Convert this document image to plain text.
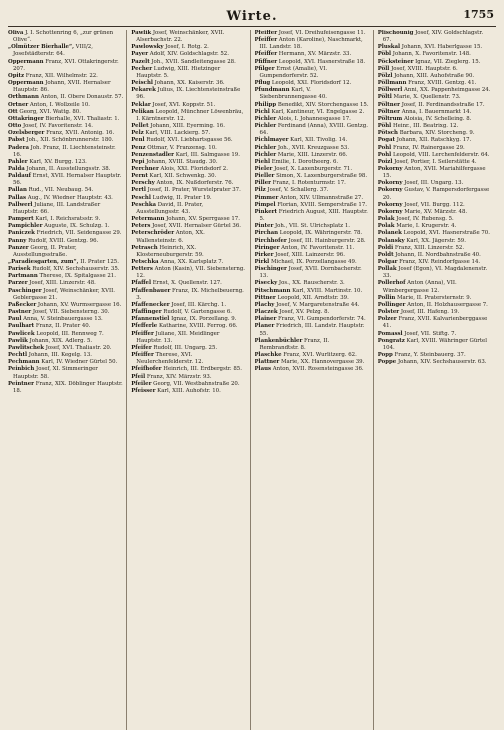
Wirte.	1755

Oliva J. I. Schottenring 6, „zur grünen Olive“.

„Olmützer Bierhalle“, VIII/2, Josefstädterstr. 64.

Oppermann Franz, XVI. Ottakringerstr. 207.

Opitz Franz, XII. Wilhelmstr. 22.

Oppermann Johann, XVII. Hernalser Hauptstr. 86.

Orthmann Anton, II. Obere Donaustr. 57.

Ortner Anton, I. Wollzeile 10.

Ott Georg, XVI. Wattg. 80.

Ottakringer Bierhalle, XVI. Thaliastr. 1.

Otto Josef, IV. Favoritenstr. 14.

Ozelsberger Franz, XVII. Antonig. 16.

Pabst Joh., XII. Schönbrunnerstr. 180.

Padera Joh. Franz, II. Liechtensteinstr. 16.

Pahler Karl, XV. Burgg. 123.

Palda Johann, II. Ausstellungsstr. 38.

Paldauf Ernst, XVII. Hernalser Hauptstr. 56.

Pallan Rud., VII. Neubaug. 54.

Pallas Aug., IV. Wiedner Hauptstr. 43.

Pallwerl Juliane, III. Landstraßer Hauptstr. 66.

Pampert Karl, I. Reichsratsstr. 9.

Pampichler Auguste, IX. Schulzg. 1.

Paniczek Friedrich, VII. Seidengasse 29.

Panny Rudolf, XVIII. Gentzg. 96.

Panzer Georg, II. Prater, Ausstellungsstraße.

„Paradiesgarten, zum“, II. Prater 125.

Parisek Rudolf, XIV. Sechshauserstr. 35.

Partmann Therese, IX. Spitalgasse 21.

Parzer Josef, XIII. Linzerstr. 48.

Paschinger Josef, Weinschänker, XVII. Geblergasse 21.

Paßecker Johann, XV. Wurmsergasse 16.

Pastner Josef, VII. Siebensterng. 30.

Paul Anna, V. Steinbauergasse 13.

Paulhart Franz, II. Prater 40.

Pawlicek Leopold, III. Rennweg 7.

Pawlik Johann, XIX. Adlerg. 5.

Pawlitschek Josef, XVI. Thaliastr. 20.

Pechtl Johann, III. Kegelg. 13.

Pechmann Karl, IV. Wiedner Gürtel 50.

Peinbich Josef, XI. Simmeringer Hauptstr. 58.

Peintner Franz, XIX. Döblinger Hauptstr. 18.

Pawlik Josef, Weinschänker, XVII. Alserbachstr. 22.

Pawlowsky Josef, I. Rotg. 2.

Payer Adolf, XIV. Goldschlagstr. 52.

Pazelt Joh., XVII. Sandleitengasse 28.

Pecher Ludwig, XIII. Hietzinger Hauptstr. 5.

Peischl Johann, XX. Kaiserstr. 36.

Pekarek Julius, IX. Liechtensteinstraße 96.

Peklar Josef, XVI. Koppstr. 51.

Pelikan Leopold, Münchner Löwenbräu, I. Kärntnerstr. 12.

Pellet Johann, XIII. Eyerming. 16.

Pelz Karl, VIII. Lackierg. 57.

Penl Rudolf, XVI. Liebhartsgasse 56.

Penz Ottmar, V. Franzensg. 10.

Penzenstadler Karl, III. Salmgasse 19.

Pepi Johann, XVIII. Staudg. 30.

Perchner Alois, XXI. Floridsdorf 2.

Pernt Karl, XII. Schwenkg. 30.

Perschy Anton, IX. Nußdorferstr. 76.

Pertl Josef, II. Prater, Wurstelprater 37.

Peschl Ludwig, II. Prater 19.

Peschka David, II. Prater, Ausstellungsstr. 43.

Petermann Johann, XV. Sperrgasse 17.

Peters Josef, XVII. Hernalser Gürtel 36.

Peterschröder Anton, XX. Wallensteinstr. 6.

Petrasch Heinrich, XX. Klosterneuburgerstr. 59.

Petschka Anna, XX. Karlsplatz 7.

Petters Anton (Kasin), VII. Siebensterng. 12.

Pfaffel Ernst, X. Quellenstr. 127.

Pfaffenbauer Franz, IX. Michelbeuerng. 3.

Pfaffenecker Josef, III. Kärchg. 1.

Pfaffinger Rudolf, V. Gartengasse 6.

Pfannenstiel Ignaz, IX. Porzellang. 9.

Pfefferle Katharine, XVIII. Ferrog. 66.

Pfeiffer Juliane, XII. Meidlinger Hauptstr. 13.

Pfeifer Rudolf, III. Ungarg. 25.

Pfeiffer Therese, XVI. Neulerchenfelderstr. 12.

Pfeifhofer Heinrich, III. Erdbergstr. 85.

Pfeil Franz, XIV. Märzstr. 93.

Pfeiler Georg, VII. Westbahnstraße 20.

Pfeisser Karl, XIII. Auhofstr. 10.

Pfeiffer Josef, VI. Dreihufeisengasse 11.

Pfeiffer Anton (Karoline), Naschmarkt, III. Landstr. 18.

Pfeiffer Hermann, XV. Märzstr. 33.

Pfiffner Leopold, XVI. Hasnerstraße 18.

Pfilger Ernst (Amalie), VI. Gumpendorferstr. 52.

Pflug Leopold, XXI. Floridsdorf 12.

Pfundmann Karl, V. Siebenbrunnengasse 40.

Philipp Benedikt, XIV. Storchengasse 15.

Pichl Karl, Kantineur, VI. Engelgasse 2.

Pichler Alois, I. Johannesgasse 17.

Pichler Ferdinand (Anna), XVIII. Gentzg. 64.

Pichlmayer Karl, XII. Tivolig. 14.

Pichler Joh., XVII. Kreuzgasse 53.

Pichler Marie, XIII. Linzerstr. 66.

Piehl Emilie, I. Dorotheerg. 6.

Pieler Josef, X. Laxenburgerstr. 71.

Pieller Simon, X. Laxenburgerstraße 98.

Piller Franz, I. Rotenturmstr. 17.

Pilz Josef, V. Schallerg. 37.

Pimmer Anton, XIV. Ullmannstraße 27.

Pimpel Florian, XVIII. Semperstraße 17.

Pinkert Friedrich August, XIII. Hauptstr. 5.

Pinter Joh., VII. St. Ulrichsplatz 1.

Pirchan Leopold, IX. Währingerstr. 78.

Pirchhofer Josef, III. Hainburgerstr. 28.

Piringer Anton, IV. Favoritenstr. 11.

Pirker Josef, XIII. Lainzerstr. 96.

Pirkl Michael, IX. Porzellangasse 49.

Pischinger Josef, XVII. Dornbacherstr. 13.

Pisecky Jos., XX. Rauscherstr. 3.

Pitschmann Karl, XVIII. Martinstr. 10.

Pittner Leopold, XII. Arndtstr. 39.

Plachy Josef, V. Margaretenstraße 44.

Placzek Josef, XV. Pelzg. 8.

Plainer Franz, VI. Gumpendorferstr. 74.

Planer Friedrich, III. Landstr. Hauptstr. 55.

Plankenbüchler Franz, II. Rembrandtstr. 8.

Plaschke Franz, XVI. Wurlitzerg. 62.

Plattner Marie, XX. Hannovergasse 39.

Plaus Anton, XVII. Rosensteingasse 36.

Plischounig Josef, XIV. Goldschlagstr. 67.

Pluskal Johann, XVI. Haberlgasse 15.

Pöbl Johann, X. Favoritenstr. 148.

Pöcksteiner Ignaz, VII. Zieglerg. 15.

Pöll Josef, XVIII. Hauptstr. 6.

Pölzl Johann, XIII. Auhofstraße 90.

Pöllmann Franz, XVIII. Gentzg. 41.

Pöllwerl Anni, XX. Pappenheimgasse 24.

Pöltl Marie, X. Quellenstr. 73.

Pöltner Josef, II. Ferdinandsstraße 17.

Pöltner Anna, I. Bauernmarkt 14.

Pöltrum Aloisia, IV. Schelleing. 8.

Pöhl Heinr., III. Beatrixg. 12.

Pötsch Barbara, XIV. Storcheng. 9.

Pogat Johann, XII. Ratschkyg. 17.

Pohl Franz, IV. Rainergasse 29.

Pohl Leopold, VIII. Lerchenfelderstr. 64.

Poizl Josef, Portier, I. Seilerstätte 4.

Pokorny Anton, XVII. Mariahilfergasse 15.

Pokorny Josef, III. Ungarg. 13.

Pokorny Gustav, V. Rampersdorfergasse 20.

Pokorny Josef, VII. Burgg. 112.

Pokorny Marie, XV. Märzstr. 48.

Polak Josef, IV. Rubensg. 5.

Polak Marie, I. Krugerstr. 4.

Polanek Leopold, XVI. Hasnerstraße 70.

Polansky Karl, XX. Jägerstr. 59.

Poldi Franz, XIII. Linzerstr. 52.

Poldt Johann, II. Nordbahnstraße 40.

Polgar Franz, XIV. Reindorfgasse 14.

Pollak Josef (Egon), VI. Magdalenenstr. 33.

Pollerhof Anton (Anna), VII. Wimbergergasse 12.

Pollin Marie, II. Pratersternstr. 9.

Pollinger Anton, II. Holzhausergasse 7.

Polster Josef, III. Hafeng. 19.

Polzer Franz, XVII. Kalvarienberggasse 41.

Pomassl Josef, VII. Stiftg. 7.

Pongratz Karl, XVIII. Währinger Gürtel 104.

Popp Franz, Y. Steinbauerg. 37.

Poppe Johann, XIV. Sechshauserstr. 63.
